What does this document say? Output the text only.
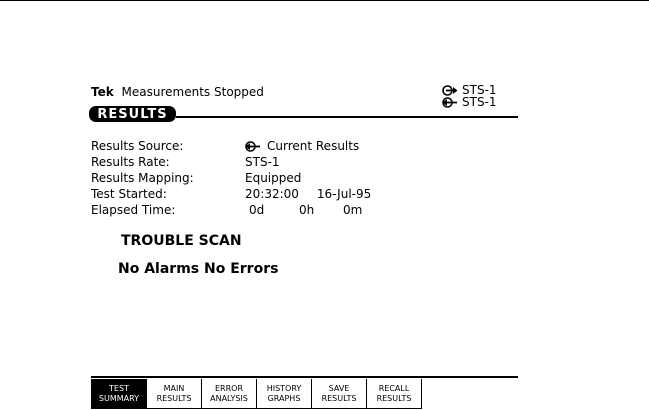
Tek Measurements Stopped	STS-1
STS-1
RESULTS
Results Source:	Current Results
Results Rate:	STS-1
Results Mapping:	Equipped
Test Started:	20:32:00 16-Jul-95
Elapsed Time:	0d	0h	0m
TROUBLE SCAN
No Alarms No Errors
TEST
SUMMARY
MAIN
RESULTS
ERROR
ANALYSIS
HISTORY
GRAPHS
SAVE
RESULTS
RECALL
RESULTS
